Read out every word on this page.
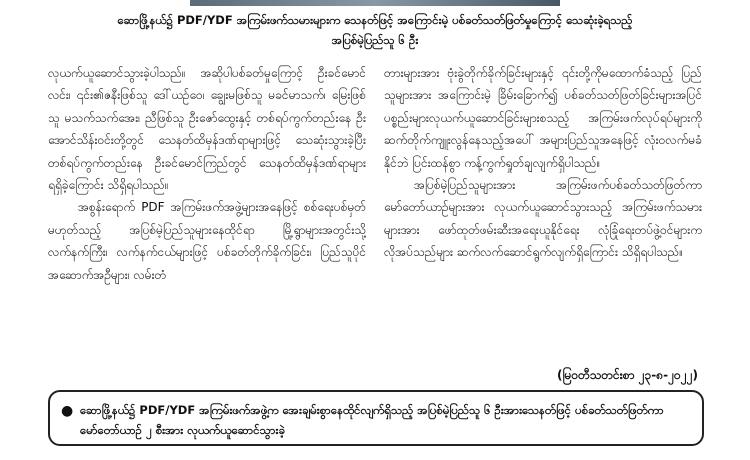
ဆောဖြို့နယ်၌ PDF/YDF အကြမ်းဖက်သမားများက သေနတ်ဖြင့် အကြောင်းမဲ့ ပစ်ခတ်သတ်ဖြတ်မှုကြောင့် သေဆုံးခဲ့ရသည့်
အပြစ်မဲ့ပြည်သူ ၆ ဦး

လုယက်ယူဆောင်သွားခဲ့ပါသည်။ အဆိုပါပစ်ခတ်မှုကြောင့် ဦးခင်မောင်လင်း၊ ၎င်း၏ဇနီးဖြစ်သူ ဒေါ်ယဉ်ဝေ၊ ချွေးမဖြစ်သူ မခင်မာသက်၊ မြေးဖြစ်သူ မသက်သက်အေး၊ ညီဖြစ်သူ ဦးဇော်ထွေးနှင့် တစ်ရပ်ကွက်တည်းနေ ဦးအောင်သိန်းဝင်းတို့တွင် သေနတ်ထိမှန်ဒဏ်ရာများဖြင့် သေဆုံးသွားခဲ့ပြီး တစ်ရပ်ကွက်တည်းနေ ဦးခင်မောင်ကြည်တွင် သေနတ်ထိမှန်ဒဏ်ရာများ ရရှိခဲ့ကြောင်း သိရှိရပါသည်။

အစွန်းရောက် PDF အကြမ်းဖက်အဖွဲ့များအနေဖြင့် စစ်ရေးပစ်မှတ်မဟုတ်သည့် အပြစ်မဲ့ပြည်သူများနေထိုင်ရာ မြို့ရွာများအတွင်းသို့ လက်နက်ကြီး၊ လက်နက်ငယ်များဖြင့် ပစ်ခတ်တိုက်ခိုက်ခြင်း၊ ပြည်သူပိုင်အဆောက်အဦများ၊ လမ်းတံ

တားများအား ဗုံးခွဲတိုက်ခိုက်ခြင်းများနှင့် ၎င်းတို့ကိုမထောက်ခံသည့် ပြည်သူများအား အကြောင်းမဲ့ ခြိမ်းခြောက်၍ ပစ်ခတ်သတ်ဖြတ်ခြင်းများအပြင် ပစ္စည်းများလုယက်ယူဆောင်ခြင်းများစသည့် အကြမ်းဖက်လုပ်ရပ်များကို ဆက်တိုက်ကျူးလွန်နေသည့်အပေါ် အများပြည်သူအနေဖြင့် လုံးဝလက်မခံနိုင်ဘဲ ပြင်းထန်စွာ ကန့်ကွက်ရှုတ်ချလျက်ရှိပါသည်။

အပြစ်မဲ့ပြည်သူများအား အကြမ်းဖက်ပစ်ခတ်သတ်ဖြတ်ကာ မော်တော်ယာဉ်များအား လုယက်ယူဆောင်သွားသည့် အကြမ်းဖက်သမားများအား ဖော်ထုတ်ဖမ်းဆီးအရေးယူနိုင်ရေး လုံခြုံရေးတပ်ဖွဲ့ဝင်များက လိုအပ်သည်များ ဆက်လက်ဆောင်ရွက်လျက်ရှိကြောင်း သိရှိရပါသည်။

(မြဝတီသတင်းစာ ၂၃-၈-၂၀၂၂)
● ဆောဖြို့နယ်၌ PDF/YDF အကြမ်းဖက်အဖွဲ့က အေးချမ်းစွာနေထိုင်လျက်ရှိသည့် အပြစ်မဲ့ပြည်သူ ၆ ဦးအားသေနတ်ဖြင့် ပစ်ခတ်သတ်ဖြတ်ကာ မော်တော်ယာဉ် ၂ စီးအား လုယက်ယူဆောင်သွားခဲ့
